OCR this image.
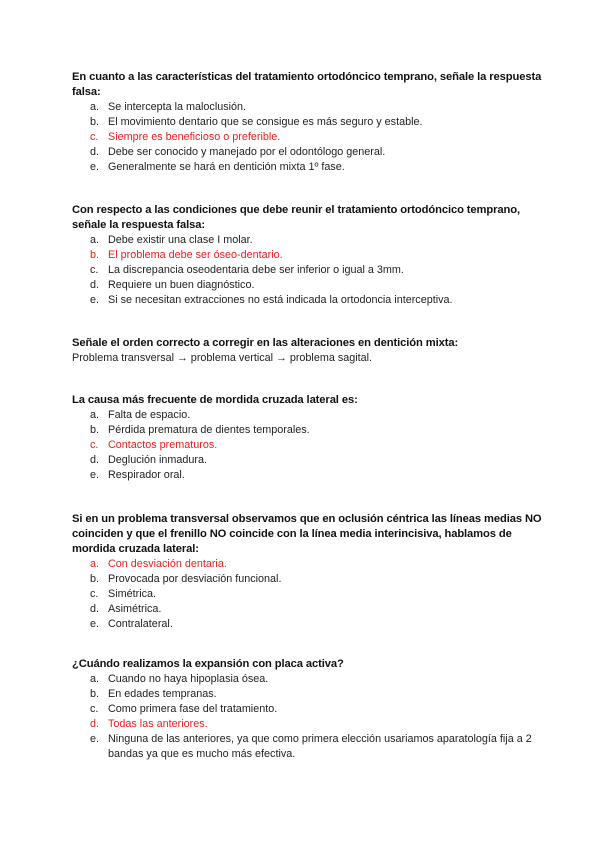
En cuanto a las características del tratamiento ortodóncico temprano, señale la respuesta falsa:
a. Se intercepta la maloclusión.
b. El movimiento dentario que se consigue es más seguro y estable.
c. Siempre es beneficioso o preferible.
d. Debe ser conocido y manejado por el odontólogo general.
e. Generalmente se hará en dentición mixta 1º fase.
Con respecto a las condiciones que debe reunir el tratamiento ortodóncico temprano, señale la respuesta falsa:
a. Debe existir una clase I molar.
b. El problema debe ser óseo-dentario.
c. La discrepancia oseodentaria debe ser inferior o igual a 3mm.
d. Requiere un buen diagnóstico.
e. Si se necesitan extracciones no está indicada la ortodoncia interceptiva.
Señale el orden correcto a corregir en las alteraciones en dentición mixta:
Problema transversal → problema vertical → problema sagital.
La causa más frecuente de mordida cruzada lateral es:
a. Falta de espacio.
b. Pérdida prematura de dientes temporales.
c. Contactos prematuros.
d. Deglución inmadura.
e. Respirador oral.
Si en un problema transversal observamos que en oclusión céntrica las líneas medias NO coinciden y que el frenillo NO coincide con la línea media interincisiva, hablamos de mordida cruzada lateral:
a. Con desviación dentaria.
b. Provocada por desviación funcional.
c. Simétrica.
d. Asimétrica.
e. Contralateral.
¿Cuándo realizamos la expansión con placa activa?
a. Cuando no haya hipoplasia ósea.
b. En edades tempranas.
c. Como primera fase del tratamiento.
d. Todas las anteriores.
e. Ninguna de las anteriores, ya que como primera elección usariamos aparatología fija a 2 bandas ya que es mucho más efectiva.
